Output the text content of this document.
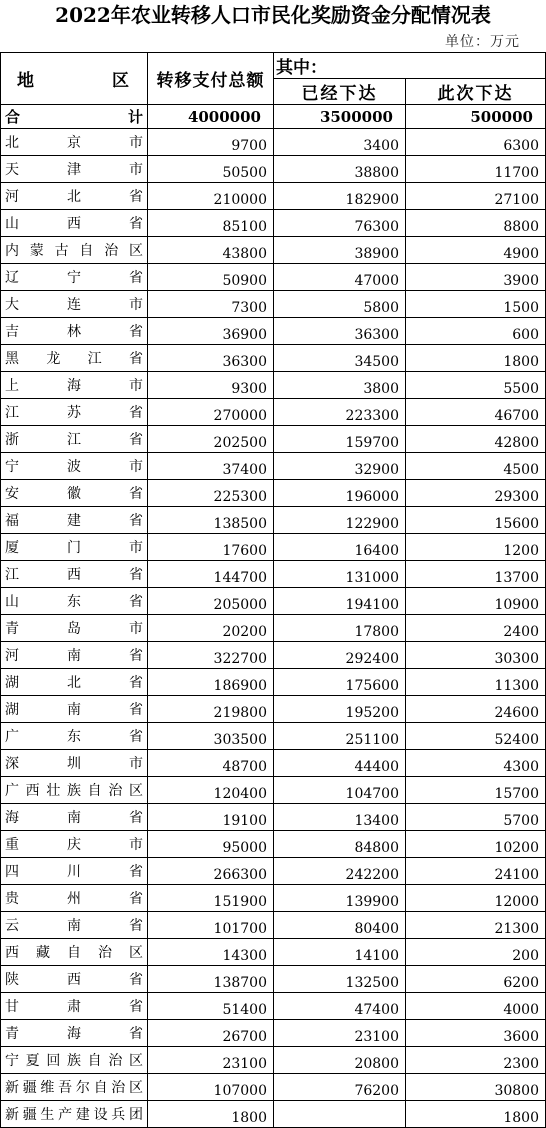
2022年农业转移人口市民化奖励资金分配情况表
单位：万元
地 区	转移支付总额	其中：	
		已经下达	此次下达
合 计	4000000	3500000	500000
北京市	9700	3400	6300
天津市	50500	38800	11700
河北省	210000	182900	27100
山西省	85100	76300	8800
内蒙古自治区	43800	38900	4900
辽宁省	50900	47000	3900
大连市	7300	5800	1500
吉林省	36900	36300	600
黑龙江省	36300	34500	1800
上海市	9300	3800	5500
江苏省	270000	223300	46700
浙江省	202500	159700	42800
宁波市	37400	32900	4500
安徽省	225300	196000	29300
福建省	138500	122900	15600
厦门市	17600	16400	1200
江西省	144700	131000	13700
山东省	205000	194100	10900
青岛市	20200	17800	2400
河南省	322700	292400	30300
湖北省	186900	175600	11300
湖南省	219800	195200	24600
广东省	303500	251100	52400
深圳市	48700	44400	4300
广西壮族自治区	120400	104700	15700
海南省	19100	13400	5700
重庆市	95000	84800	10200
四川省	266300	242200	24100
贵州省	151900	139900	12000
云南省	101700	80400	21300
西藏自治区	14300	14100	200
陕西省	138700	132500	6200
甘肃省	51400	47400	4000
青海省	26700	23100	3600
宁夏回族自治区	23100	20800	2300
新疆维吾尔自治区	107000	76200	30800
新疆生产建设兵团	1800		1800
